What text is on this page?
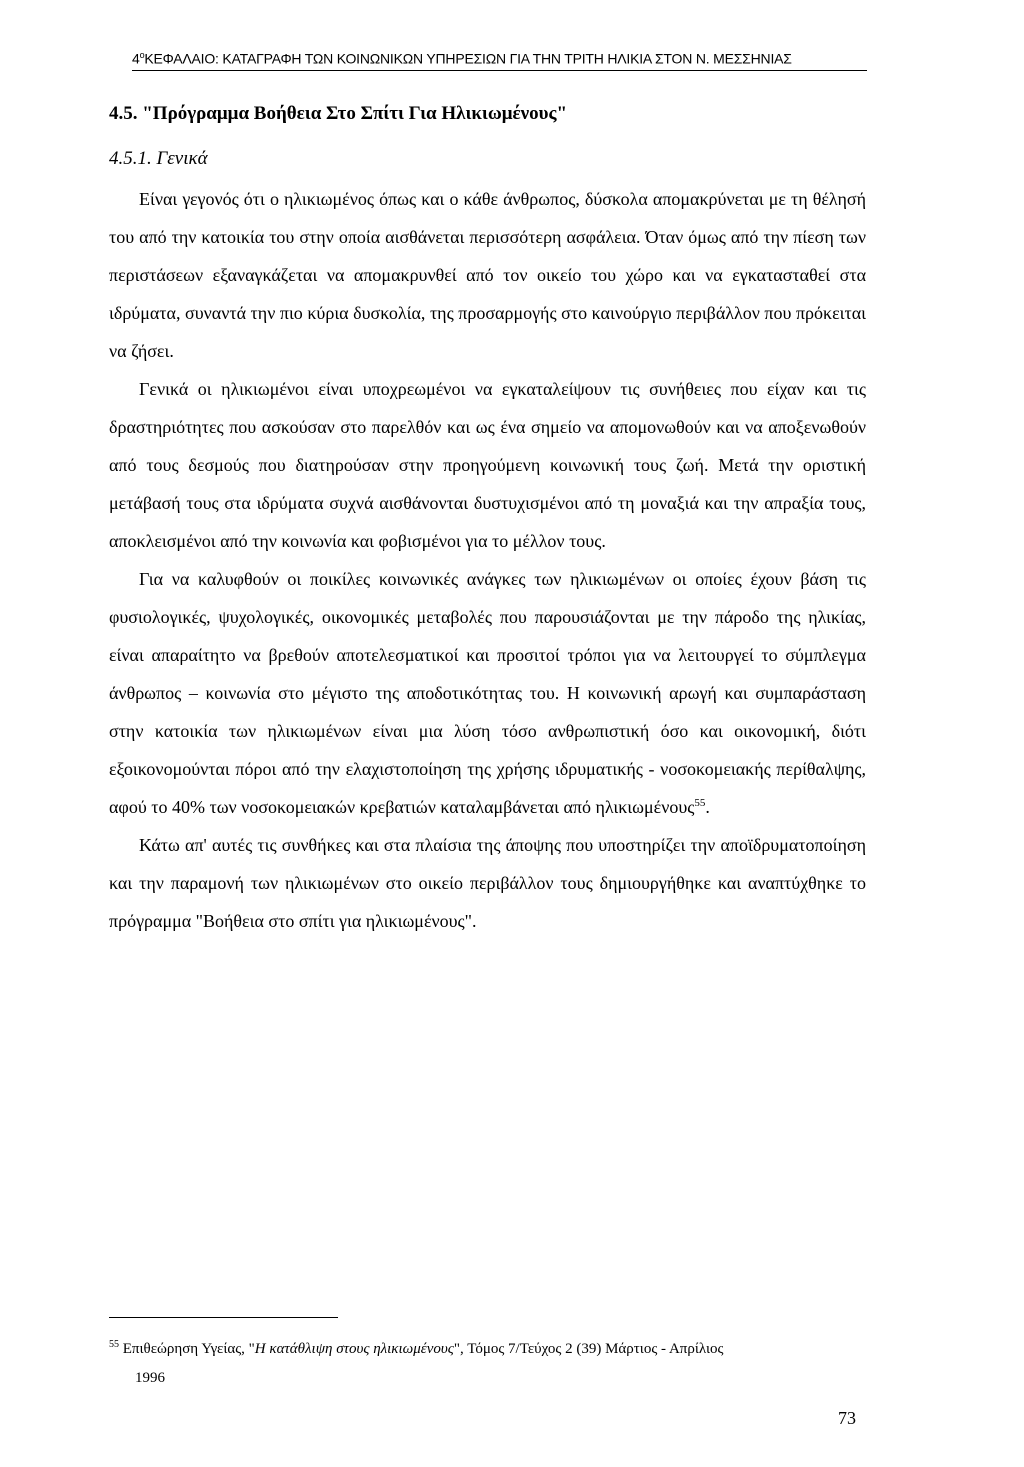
$4^oKE\Phi A\Lambda AIO$: ΚΑΤΑΓΡΑΦΗ ΤΩΝ ΚΟΙΝΩΝΙΚΩΝ ΥΠΗΡΕΣΙΩΝ ΓΙΑ ΤΗΝ ΤΡΙΤΗ ΗΛΙΚΙΑ ΣΤΟΝ Ν. ΜΕΣΣΗΝΙΑΣ
4.5. "Πρόγραμμα Βοήθεια Στο Σπίτι Για Ηλικιωμένους"
4.5.1. Γενικά

Είναι γεγονός ότι ο ηλικιωμένος όπως και ο κάθε άνθρωπος, δύσκολα απομακρύνεται με τη θέλησή του από την κατοικία του στην οποία αισθάνεται περισσότερη ασφάλεια. Όταν όμως από την πίεση των περιστάσεων εξαναγκάζεται να απομακρυνθεί από τον οικείο του χώρο και να εγκατασταθεί στα ιδρύματα, συναντά την πιο κύρια δυσκολία, της προσαρμογής στο καινούργιο περιβάλλον που πρόκειται να ζήσει.

Γενικά οι ηλικιωμένοι είναι υποχρεωμένοι να εγκαταλείψουν τις συνήθειες που είχαν και τις δραστηριότητες που ασκούσαν στο παρελθόν και ως ένα σημείο να απομονωθούν και να αποξενωθούν από τους δεσμούς που διατηρούσαν στην προηγούμενη κοινωνική τους ζωή. Μετά την οριστική μετάβασή τους στα ιδρύματα συχνά αισθάνονται δυστυχισμένοι από τη μοναξιά και την απραξία τους, αποκλεισμένοι από την κοινωνία και φοβισμένοι για το μέλλον τους.

Για να καλυφθούν οι ποικίλες κοινωνικές ανάγκες των ηλικιωμένων οι οποίες έχουν βάση τις φυσιολογικές, ψυχολογικές, οικονομικές μεταβολές που παρουσιάζονται με την πάροδο της ηλικίας, είναι απαραίτητο να βρεθούν αποτελεσματικοί και προσιτοί τρόποι για να λειτουργεί το σύμπλεγμα άνθρωπος – κοινωνία στο μέγιστο της αποδοτικότητας του. Η κοινωνική αρωγή και συμπαράσταση στην κατοικία των ηλικιωμένων είναι μια λύση τόσο ανθρωπιστική όσο και οικονομική, διότι εξοικονομούνται πόροι από την ελαχιστοποίηση της χρήσης ιδρυματικής - νοσοκομειακής περίθαλψης, αφού το 40% των νοσοκομειακών κρεβατιών καταλαμβάνεται από ηλικιωμένους$^{55}$.

Κάτω απ' αυτές τις συνθήκες και στα πλαίσια της άποψης που υποστηρίζει την αποϊδρυματοποίηση και την παραμονή των ηλικιωμένων στο οικείο περιβάλλον τους δημιουργήθηκε και αναπτύχθηκε το πρόγραμμα "Βοήθεια στο σπίτι για ηλικιωμένους".

$^{55}$ Επιθεώρηση Υγείας, "Η κατάθλιψη στους ηλικιωμένους", Τόμος 7/Τεύχος 2 (39) Μάρτιος - Απρίλιος
1996
73
